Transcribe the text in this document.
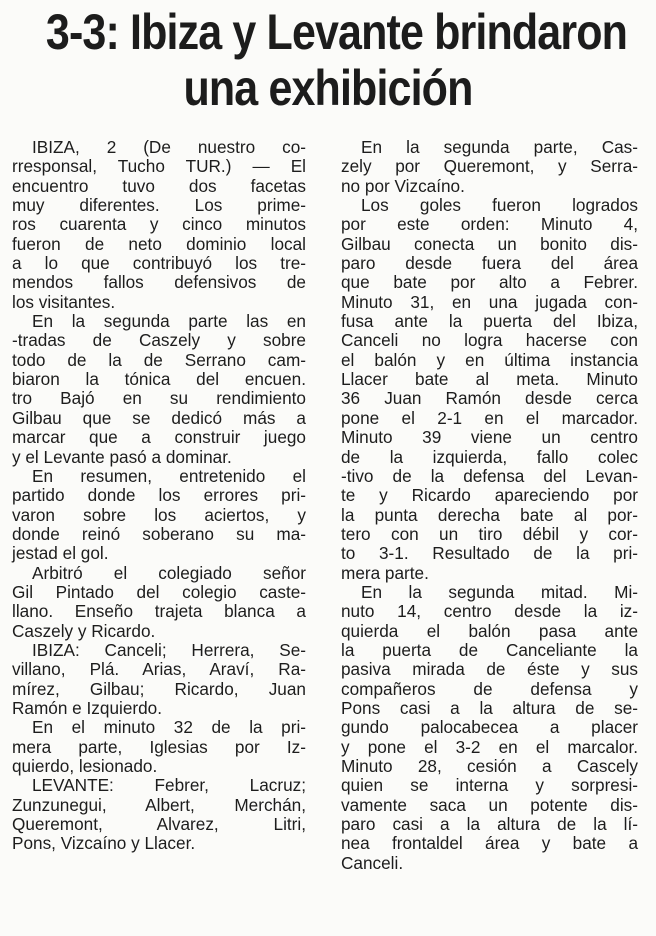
3-3: Ibiza y Levante brindaron
una exhibición

IBIZA, 2 (De nuestro co-
rresponsal, Tucho TUR.) — El
encuentro tuvo dos facetas
muy diferentes. Los prime-
ros cuarenta y cinco minutos
fueron de neto dominio local
a lo que contribuyó los tre-
mendos fallos defensivos de
los visitantes.

En la segunda parte las en
-tradas de Caszely y sobre
todo de la de Serrano cam-
biaron la tónica del encuen.
tro Bajó en su rendimiento
Gilbau que se dedicó más a
marcar que a construir juego
y el Levante pasó a dominar.

En resumen, entretenido el
partido donde los errores pri-
varon sobre los aciertos, y
donde reinó soberano su ma-
jestad el gol.

Arbitró el colegiado señor
Gil Pintado del colegio caste-
llano. Enseño trajeta blanca a
Caszely y Ricardo.

IBIZA: Canceli; Herrera, Se-
villano, Plá. Arias, Araví, Ra-
mírez, Gilbau; Ricardo, Juan
Ramón e Izquierdo.

En el minuto 32 de la pri-
mera parte, Iglesias por Iz-
quierdo, lesionado.

LEVANTE: Febrer, Lacruz;
Zunzunegui, Albert, Merchán,
Queremont, Alvarez, Litri,
Pons, Vizcaíno y Llacer.

En la segunda parte, Cas-
zely por Queremont, y Serra-
no por Vizcaíno.

Los goles fueron logrados
por este orden: Minuto 4,
Gilbau conecta un bonito dis-
paro desde fuera del área
que bate por alto a Febrer.
Minuto 31, en una jugada con-
fusa ante la puerta del Ibiza,
Canceli no logra hacerse con
el balón y en última instancia
Llacer bate al meta. Minuto
36 Juan Ramón desde cerca
pone el 2-1 en el marcador.
Minuto 39 viene un centro
de la izquierda, fallo colec
-tivo de la defensa del Levan-
te y Ricardo apareciendo por
la punta derecha bate al por-
tero con un tiro débil y cor-
to 3-1. Resultado de la pri-
mera parte.

En la segunda mitad. Mi-
nuto 14, centro desde la iz-
quierda el balón pasa ante
la puerta de Canceliante la
pasiva mirada de éste y sus
compañeros de defensa y
Pons casi a la altura de se-
gundo palocabecea a placer
y pone el 3-2 en el marcalor.
Minuto 28, cesión a Cascely
quien se interna y sorpresi-
vamente saca un potente dis-
paro casi a la altura de la lí-
nea frontaldel área y bate a
Canceli.
